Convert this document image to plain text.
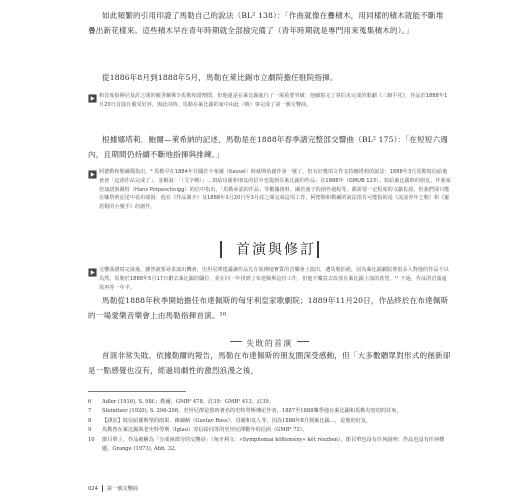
如此頻繁的引用印證了馬勒自己的說法（BL² 138）：「作曲就像在疊積木，用同樣的積木就能不斷堆疊出新花樣來。這些積木早在青年時期就全部撿完備了（青年時期就是專門用來蒐集積木的）。」

從1886年8月到1888年5月，馬勒在萊比錫市立劇院擔任駐院指揮。

和首度指揮尼基許之間的競爭關係令馬勒相當懊悶，但他還是在萊比錫進行了一場重要突破：他續寫完了韋伯未完成的歌劇《三個平托》，作品於1888年1月20日首演且備受好評。與此同時，馬勒在萊比錫的家中由此（嘖）事完成了第一號交響曲。

根據娜塔莉．鮑爾—萊希納的記述，馬勒是在1888年春季譜完整部交響曲（BL² 175）：「在短短六週內，且期間仍持續不斷地指揮與排練。」

阿德勒和勒爾都指出，⁶ 馬勒早在1884年任職於卡塞爾（Kassel）時就開始創作第一號了。但有好幾項文件支持娜塔莉的說法：1888年3月馬勒寫信給他爸爸「這部作品完成了」，並解說：「（文字略）」…寫給母親和朋友的信中也提到在萊比錫的作品」在1888年（GMUB 123）。寫給萊比錫時的朋友、作曲家倍加諾與佩特（Hans Potpeschnigg）的信中指出，「馬勒承認的作品」等數據資料。關於曲子的創作過程等，都需要一定程度的文獻佐證，但我們卻只能在娜塔莉記述中看出端倪：他在《作品簡介》及1888年3月20日至3月底之間完成這項工作。阿德勒和勒爾的說法很有可能指的是《流浪青年之歌》和《羅恩根的小號手》的創作。
首演與修訂
交響曲譜寫完成後，雖然就要尋求演出機會，史坦尼澤建議讓作品先在旅佛地實質的首樂會上演出，遭馬勒拒絕，因為萊比錫劇院裡很多人對他的作品不以為然。馬勒於1888年5月17日辭去萊比錫的職位，並在同一年找到了布達佩斯這份工作，但他不樂意去改放在萊比錫上演的希望。¹¹ 不過，作品的首演還需再等一年半。

馬勒從1888年秋季開始擔任布達佩斯的匈牙利皇家歌劇院；1889年11月20日，作品終於在布達佩斯的一場愛樂音樂會上由馬勒指揮首演。¹⁰

失敗的首演

首演非常失敗。依據勒爾的報告，馬勒在布達佩斯的朋友圈深受感動，但「大多數聽眾對形式的創新卻是一點感覺也沒有，經過局劇性的激烈浪漫之後，

6	Adler (1916), S. 98f.；勒爾，GMB² 478，註39；GMB² 413，註39。
7	Steinitzer (1920), S. 296-298。史坦尼澤是當時著名的史特勞斯傳記作者，1887至1888樂季他在萊比錫和馬勒有密切的往來。
8	【譯註】寫信給羅斯堡的雨果．維爾納（Gustav Ross）、母親和友人等，因為1888年8月到萊比錫…，是他的好友。
9	馬勒曾在萊比錫與老史特勞斯（Iglau）寄信給同等的史坦尼澤數年的信函（GMB² 72）。
10	節目單上，作品被稱為「分成兩部分的交響詩」（匈牙利文：»Symphoniai költemény« két részben）。節目單也沒有任何說明；作品也沒有任何標題。Grange (1973), Abb. 32。
024 第一號交響曲
